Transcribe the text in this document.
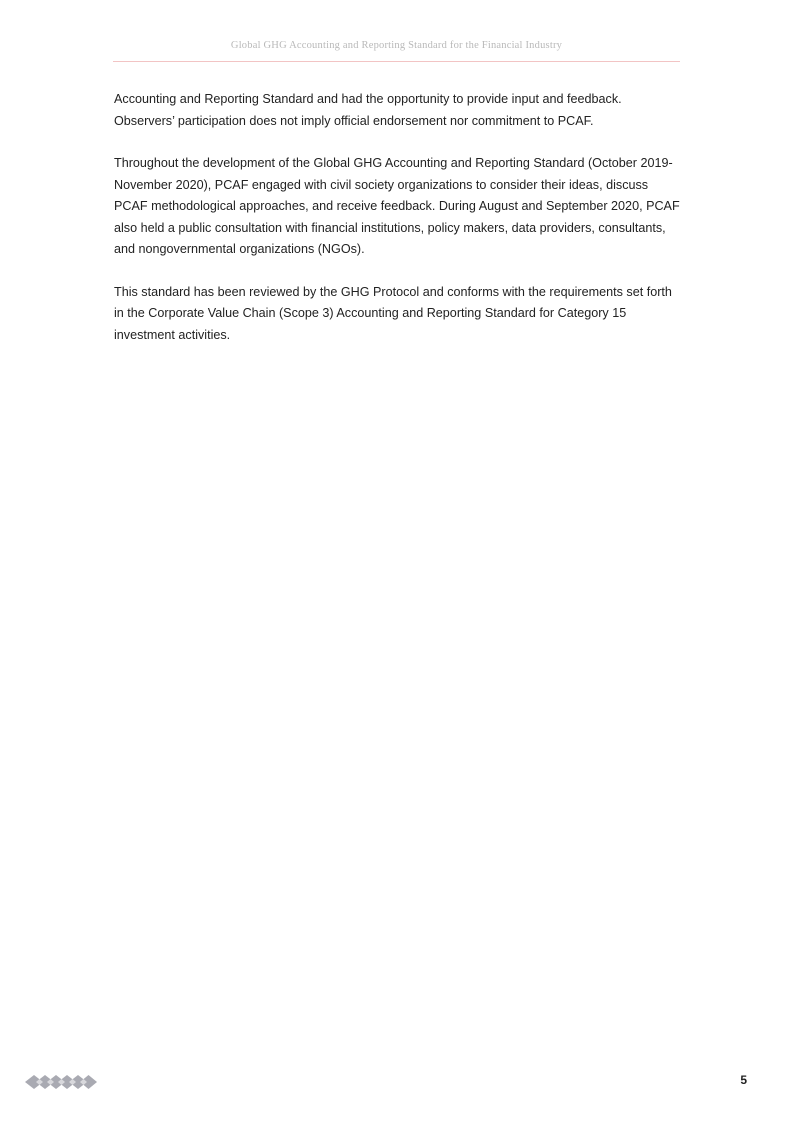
Global GHG Accounting and Reporting Standard for the Financial Industry

Accounting and Reporting Standard and had the opportunity to provide input and feedback. Observers’ participation does not imply official endorsement nor commitment to PCAF.

Throughout the development of the Global GHG Accounting and Reporting Standard (October 2019-November 2020), PCAF engaged with civil society organizations to consider their ideas, discuss PCAF methodological approaches, and receive feedback. During August and September 2020, PCAF also held a public consultation with financial institutions, policy makers, data providers, consultants, and nongovernmental organizations (NGOs).

This standard has been reviewed by the GHG Protocol and conforms with the requirements set forth in the Corporate Value Chain (Scope 3) Accounting and Reporting Standard for Category 15 investment activities.

5
